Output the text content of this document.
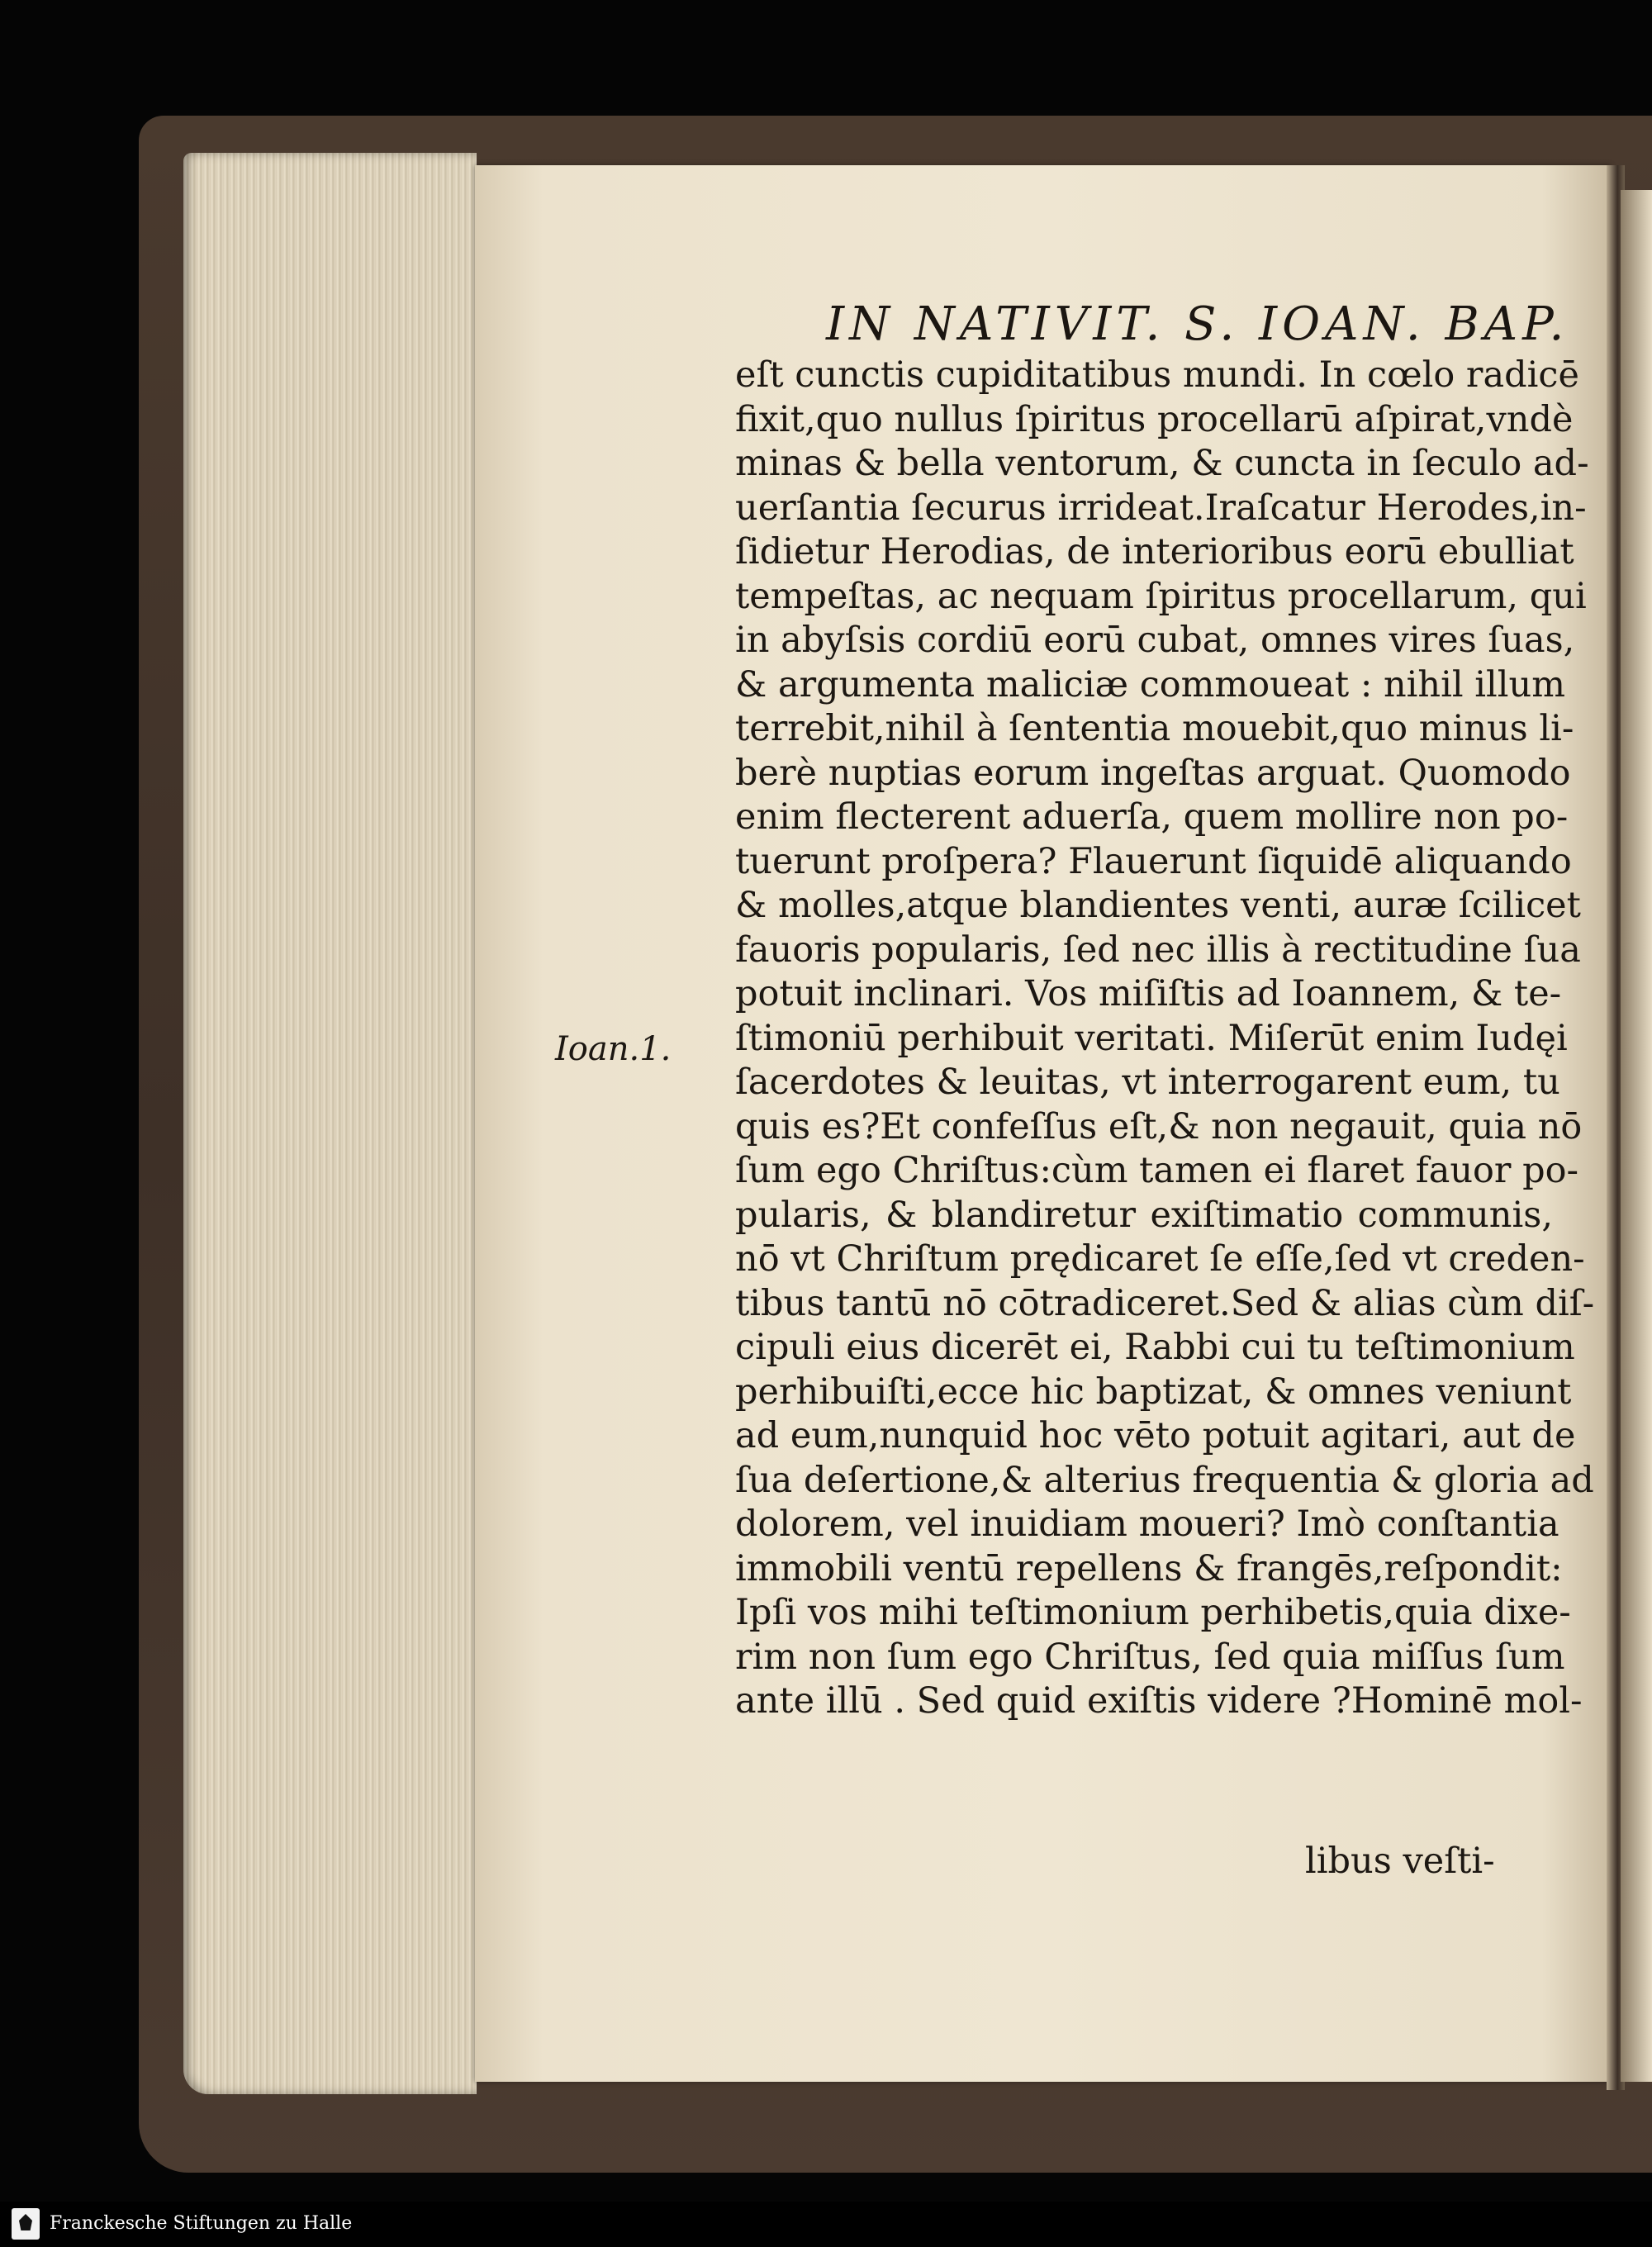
IN NATIVIT. S. IOAN. BAP.
Ioan.1.
eſt cunctis cupiditatibus mundi. In cœlo radicē
fixit,quo nullus ſpiritus procellarū aſpirat,vndè
minas & bella ventorum, & cuncta in ſeculo ad-
uerſantia ſecurus irrideat.Iraſcatur Herodes,in-
ſidietur Herodias, de interioribus eorū ebulliat
tempeſtas, ac nequam ſpiritus procellarum, qui
in abyſsis cordiū eorū cubat, omnes vires ſuas,
& argumenta maliciæ commoueat : nihil illum
terrebit,nihil à ſententia mouebit,quo minus li-
berè nuptias eorum ingeſtas arguat. Quomodo
enim flecterent aduerſa, quem mollire non po-
tuerunt proſpera? Flauerunt ſiquidē aliquando
& molles,atque blandientes venti, auræ ſcilicet
fauoris popularis, ſed nec illis à rectitudine ſua
potuit inclinari. Vos miſiſtis ad Ioannem, & te-
ſtimoniū perhibuit veritati. Miſerūt enim Iudęi
ſacerdotes & leuitas, vt interrogarent eum, tu
quis es?Et confeſſus eſt,& non negauit, quia nō
ſum ego Chriſtus:cùm tamen ei flaret fauor po-
pularis, & blandiretur exiſtimatio communis,
nō vt Chriſtum prędicaret ſe eſſe,ſed vt creden-
tibus tantū nō cōtradiceret.Sed & alias cùm diſ-
cipuli eius dicerēt ei, Rabbi cui tu teſtimonium
perhibuiſti,ecce hic baptizat, & omnes veniunt
ad eum,nunquid hoc vēto potuit agitari, aut de
ſua deſertione,& alterius frequentia & gloria ad
dolorem, vel inuidiam moueri? Imò conſtantia
immobili ventū repellens & frangēs,reſpondit:
Ipſi vos mihi teſtimonium perhibetis,quia dixe-
rim non ſum ego Chriſtus, ſed quia miſſus ſum
ante illū . Sed quid exiſtis videre ?Hominē mol-
libus veſti-
Franckesche Stiftungen zu Halle
